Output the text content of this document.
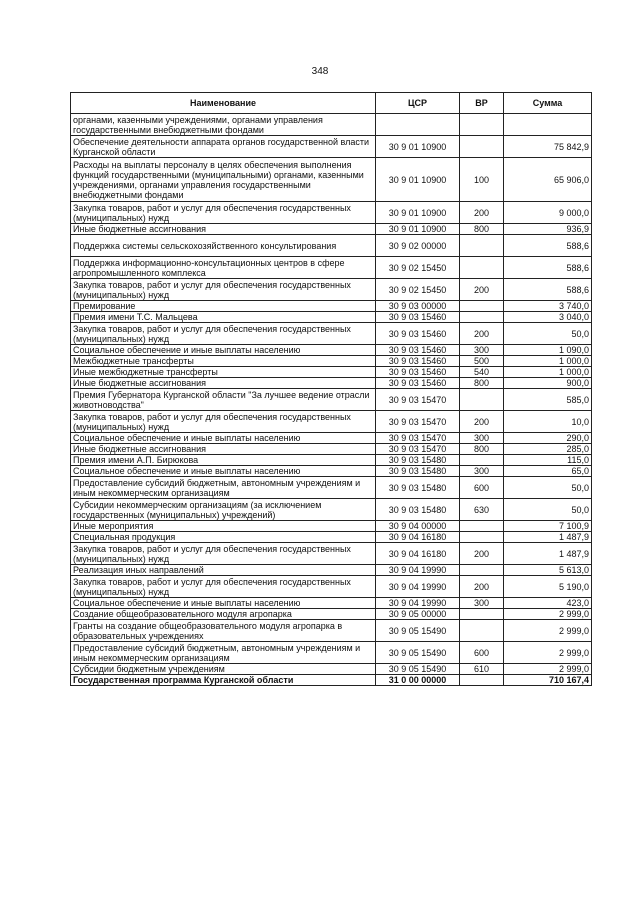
348
Наименование	ЦСР	ВР	Сумма
органами, казенными учреждениями, органами управления государственными внебюджетными фондами			
Обеспечение деятельности аппарата органов государственной власти Курганской области	30 9 01 10900		75 842,9
Расходы на выплаты персоналу в целях обеспечения выполнения функций государственными (муниципальными) органами, казенными учреждениями, органами управления государственными внебюджетными фондами	30 9 01 10900	100	65 906,0
Закупка товаров, работ и услуг для обеспечения государственных (муниципальных) нужд	30 9 01 10900	200	9 000,0
Иные бюджетные ассигнования	30 9 01 10900	800	936,9
Поддержка системы сельскохозяйственного консультирования	30 9 02 00000		588,6
Поддержка информационно-консультационных центров в сфере агропромышленного комплекса	30 9 02 15450		588,6
Закупка товаров, работ и услуг для обеспечения государственных (муниципальных) нужд	30 9 02 15450	200	588,6
Премирование	30 9 03 00000		3 740,0
Премия имени Т.С. Мальцева	30 9 03 15460		3 040,0
Закупка товаров, работ и услуг для обеспечения государственных (муниципальных) нужд	30 9 03 15460	200	50,0
Социальное обеспечение и иные выплаты населению	30 9 03 15460	300	1 090,0
Межбюджетные трансферты	30 9 03 15460	500	1 000,0
Иные межбюджетные трансферты	30 9 03 15460	540	1 000,0
Иные бюджетные ассигнования	30 9 03 15460	800	900,0
Премия Губернатора Курганской области "За лучшее ведение отрасли животноводства"	30 9 03 15470		585,0
Закупка товаров, работ и услуг для обеспечения государственных (муниципальных) нужд	30 9 03 15470	200	10,0
Социальное обеспечение и иные выплаты населению	30 9 03 15470	300	290,0
Иные бюджетные ассигнования	30 9 03 15470	800	285,0
Премия имени А.П. Бирюкова	30 9 03 15480		115,0
Социальное обеспечение и иные выплаты населению	30 9 03 15480	300	65,0
Предоставление субсидий бюджетным, автономным учреждениям и иным некоммерческим организациям	30 9 03 15480	600	50,0
Субсидии некоммерческим организациям (за исключением государственных (муниципальных) учреждений)	30 9 03 15480	630	50,0
Иные мероприятия	30 9 04 00000		7 100,9
Специальная продукция	30 9 04 16180		1 487,9
Закупка товаров, работ и услуг для обеспечения государственных (муниципальных) нужд	30 9 04 16180	200	1 487,9
Реализация иных направлений	30 9 04 19990		5 613,0
Закупка товаров, работ и услуг для обеспечения государственных (муниципальных) нужд	30 9 04 19990	200	5 190,0
Социальное обеспечение и иные выплаты населению	30 9 04 19990	300	423,0
Создание общеобразовательного модуля агропарка	30 9 05 00000		2 999,0
Гранты на создание общеобразовательного модуля агропарка в образовательных учреждениях	30 9 05 15490		2 999,0
Предоставление субсидий бюджетным, автономным учреждениям и иным некоммерческим организациям	30 9 05 15490	600	2 999,0
Субсидии бюджетным учреждениям	30 9 05 15490	610	2 999,0
Государственная программа Курганской области	31 0 00 00000		710 167,4
